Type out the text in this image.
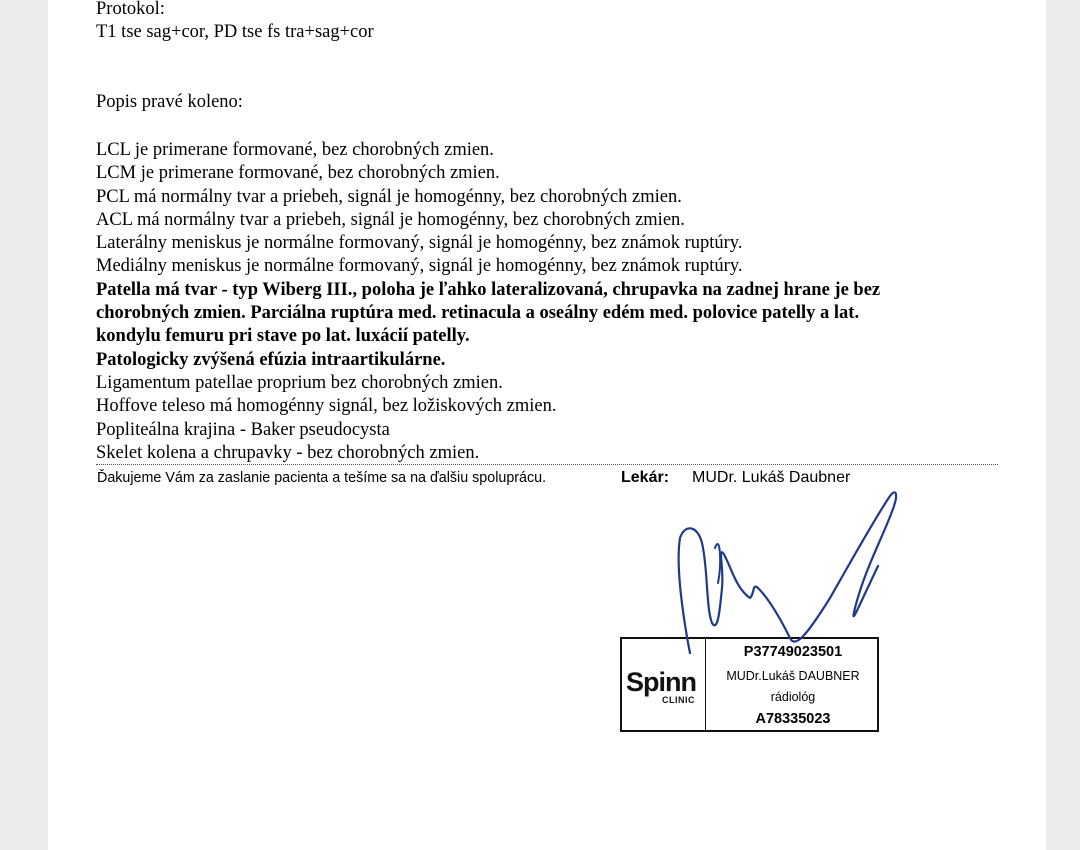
Protokol:
T1 tse sag+cor, PD tse fs tra+sag+cor
Popis pravé koleno:
LCL je primerane formované, bez chorobných zmien.
LCM je primerane formované, bez chorobných zmien.
PCL má normálny tvar a priebeh, signál je homogénny, bez chorobných zmien.
ACL má normálny tvar a priebeh, signál je homogénny, bez chorobných zmien.
Laterálny meniskus je normálne formovaný, signál je homogénny, bez známok ruptúry.
Mediálny meniskus je normálne formovaný, signál je homogénny, bez známok ruptúry.
Patella má tvar - typ Wiberg III., poloha je ľahko lateralizovaná, chrupavka na zadnej hrane je bez
chorobných zmien. Parciálna ruptúra med. retinacula a oseálny edém med. polovice patelly a lat.
kondylu femuru pri stave po lat. luxácií patelly.
Patologicky zvýšená efúzia intraartikulárne.
Ligamentum patellae proprium bez chorobných zmien.
Hoffove teleso má homogénny signál, bez ložiskových zmien.
Popliteálna krajina - Baker pseudocysta
Skelet kolena a chrupavky - bez chorobných zmien.
Ďakujeme Vám za zaslanie pacienta a tešíme sa na ďalšiu spoluprácu.	Lekár: MUDr. Lukáš Daubner
Spinn
CLINIC
P37749023501
MUDr.Lukáš DAUBNER
rádiológ
A78335023
